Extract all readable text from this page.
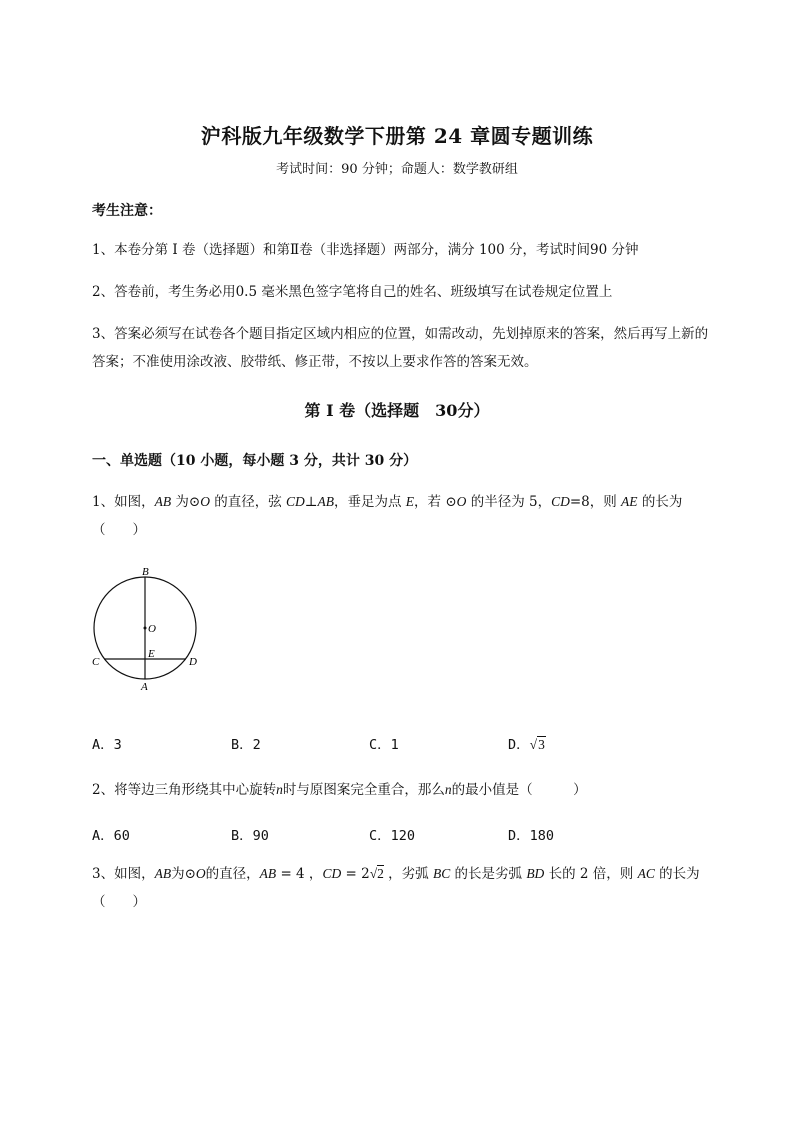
沪科版九年级数学下册第 24 章圆专题训练
考试时间：90 分钟；命题人：数学教研组
考生注意：
1、本卷分第 I 卷（选择题）和第Ⅱ卷（非选择题）两部分，满分 100 分，考试时间90 分钟
2、答卷前，考生务必用0.5 毫米黑色签字笔将自己的姓名、班级填写在试卷规定位置上
3、答案必须写在试卷各个题目指定区域内相应的位置，如需改动，先划掉原来的答案，然后再写上新的答案；不准使用涂改液、胶带纸、修正带，不按以上要求作答的答案无效。
第 I 卷（选择题　30分）
一、单选题（10 小题，每小题 3 分，共计 30 分）
1、如图，AB 为⊙O 的直径，弦 CD⊥AB，垂足为点 E，若 ⊙O 的半径为 5，CD=8，则 AE 的长为
（　　）
B
O
E
C	D
A
A．3	B．2	C．1	D．√3
2、将等边三角形绕其中心旋转n时与原图案完全重合，那么n的最小值是（　　　）
A．60	B．90	C．120	D．180
3、如图，AB为⊙O的直径，AB = 4 ，CD = 2√2 ，劣弧 BC 的长是劣弧 BD 长的 2 倍，则 AC 的长为
（　　）
